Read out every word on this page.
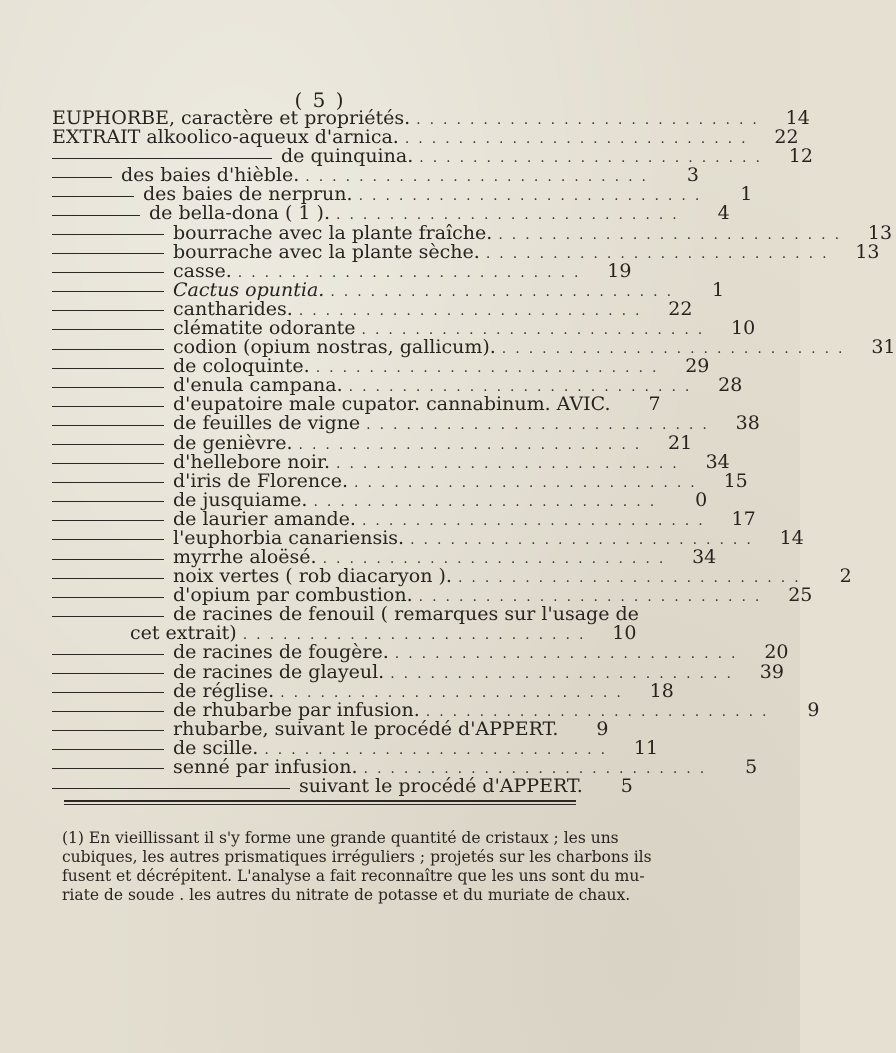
( 5 )
EUPHORBE, caractère et propriétés. ..........................	14
EXTRAIT alkoolico-aqueux d'arnica. ..........................	22
de quinquina. ..........................	12
des baies d'hièble. ..........................	3
des baies de nerprun. ..........................	1
de bella-dona ( 1 ). ..........................	4
bourrache avec la plante fraîche. ..........................	13
bourrache avec la plante sèche. ..........................	13
casse. ..........................	19
Cactus opuntia. ..........................	1
cantharides. ..........................	22
clématite odorante ..........................	10
codion (opium nostras, gallicum). ..........................	31
de coloquinte. ..........................	29
d'enula campana. ..........................	28
d'eupatoire male cupator. cannabinum. AVIC.	7
de feuilles de vigne ..........................	38
de genièvre. ..........................	21
d'hellebore noir. ..........................	34
d'iris de Florence. ..........................	15
de jusquiame. ..........................	0
de laurier amande. ..........................	17
l'euphorbia canariensis. ..........................	14
myrrhe aloësé. ..........................	34
noix vertes ( rob diacaryon ). ..........................	2
d'opium par combustion. ..........................	25
de racines de fenouil ( remarques sur l'usage de
cet extrait) ..........................	10
de racines de fougère. ..........................	20
de racines de glayeul. ..........................	39
de réglise. ..........................	18
de rhubarbe par infusion. ..........................	9
rhubarbe, suivant le procédé d'APPERT.	9
de scille. ..........................	11
senné par infusion. ..........................	5
suivant le procédé d'APPERT.	5
(1) En vieillissant il s'y forme une grande quantité de cristaux ; les uns
cubiques, les autres prismatiques irréguliers ; projetés sur les charbons ils
fusent et décrépitent. L'analyse a fait reconnaître que les uns sont du mu-
riate de soude . les autres du nitrate de potasse et du muriate de chaux.
